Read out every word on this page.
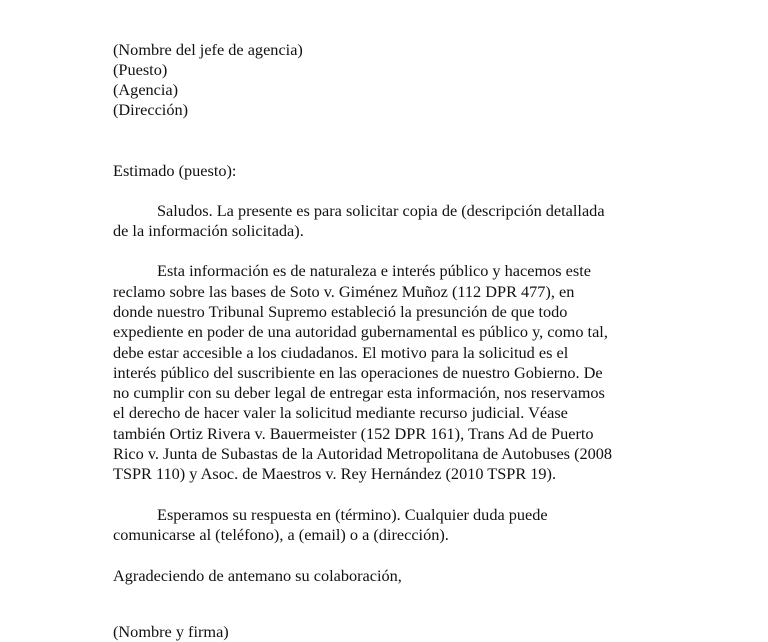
(Nombre del jefe de agencia)
(Puesto)
(Agencia)
(Dirección)
Estimado (puesto):
Saludos. La presente es para solicitar copia de (descripción detallada
de la información solicitada).
Esta información es de naturaleza e interés público y hacemos este
reclamo sobre las bases de Soto v. Giménez Muñoz (112 DPR 477), en
donde nuestro Tribunal Supremo estableció la presunción de que todo
expediente en poder de una autoridad gubernamental es público y, como tal,
debe estar accesible a los ciudadanos. El motivo para la solicitud es el
interés público del suscribiente en las operaciones de nuestro Gobierno. De
no cumplir con su deber legal de entregar esta información, nos reservamos
el derecho de hacer valer la solicitud mediante recurso judicial. Véase
también Ortiz Rivera v. Bauermeister (152 DPR 161), Trans Ad de Puerto
Rico v. Junta de Subastas de la Autoridad Metropolitana de Autobuses (2008
TSPR 110) y Asoc. de Maestros v. Rey Hernández (2010 TSPR 19).
Esperamos su respuesta en (término). Cualquier duda puede
comunicarse al (teléfono), a (email) o a (dirección).
Agradeciendo de antemano su colaboración,
(Nombre y firma)
